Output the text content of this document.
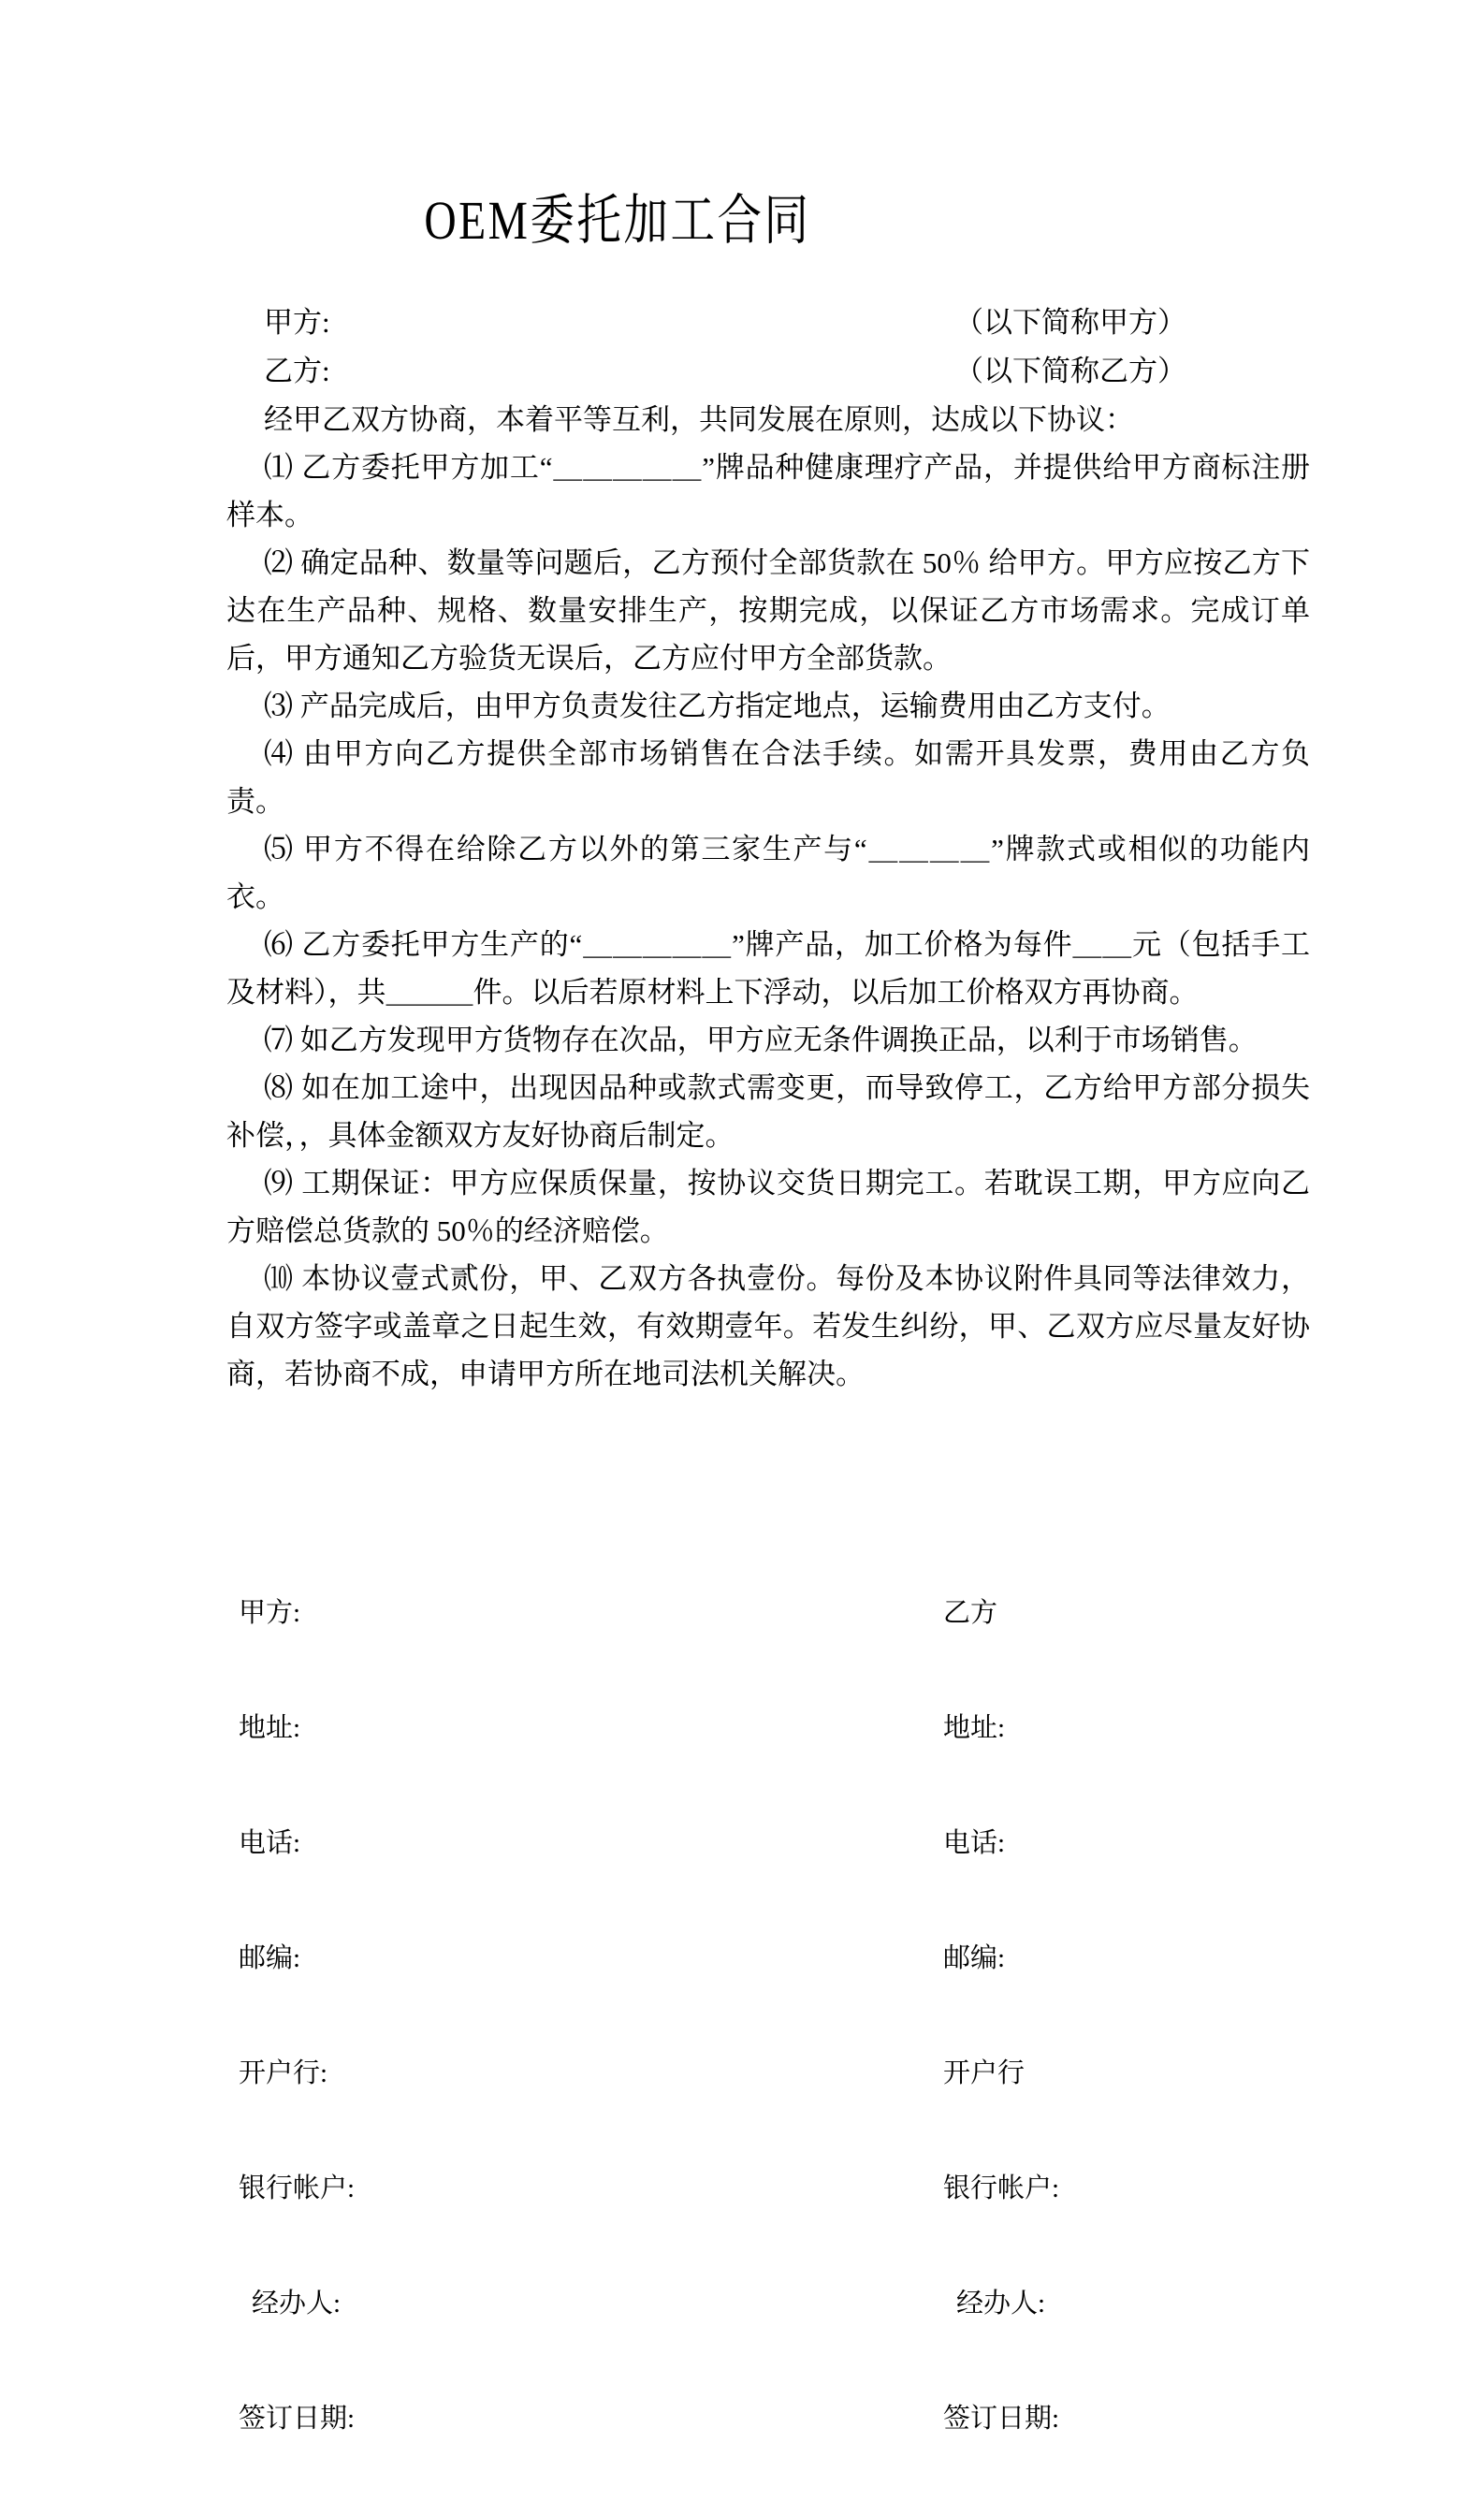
OEM委托加工合同
甲方:	（以下简称甲方）
乙方:	（以下简称乙方）

经甲乙双方协商，本着平等互利，共同发展在原则，达成以下协议：

⑴ 乙方委托甲方加工“＿＿＿＿＿”牌品种健康理疗产品，并提供给甲方商标注册样本。

⑵ 确定品种、数量等问题后，乙方预付全部货款在 50％ 给甲方。甲方应按乙方下达在生产品种、规格、数量安排生产，按期完成，以保证乙方市场需求。完成订单后，甲方通知乙方验货无误后，乙方应付甲方全部货款。

⑶ 产品完成后，由甲方负责发往乙方指定地点，运输费用由乙方支付。

⑷ 由甲方向乙方提供全部市场销售在合法手续。如需开具发票，费用由乙方负责。

⑸ 甲方不得在给除乙方以外的第三家生产与“＿＿＿＿”牌款式或相似的功能内衣。

⑹ 乙方委托甲方生产的“＿＿＿＿＿”牌产品，加工价格为每件＿＿元（包括手工及材料），共＿＿＿件。以后若原材料上下浮动，以后加工价格双方再协商。

⑺ 如乙方发现甲方货物存在次品，甲方应无条件调换正品，以利于市场销售。

⑻ 如在加工途中，出现因品种或款式需变更，而导致停工，乙方给甲方部分损失补偿，，具体金额双方友好协商后制定。

⑼ 工期保证：甲方应保质保量，按协议交货日期完工。若耽误工期，甲方应向乙方赔偿总货款的 50％的经济赔偿。

⑽ 本协议壹式贰份，甲、乙双方各执壹份。每份及本协议附件具同等法律效力，自双方签字或盖章之日起生效，有效期壹年。若发生纠纷，甲、乙双方应尽量友好协商，若协商不成，申请甲方所在地司法机关解决。

甲方:

地址:

电话:

邮编:

开户行:

银行帐户:

经办人:

签订日期:

乙方

地址:

电话:

邮编:

开户行

银行帐户:

经办人:

签订日期:
